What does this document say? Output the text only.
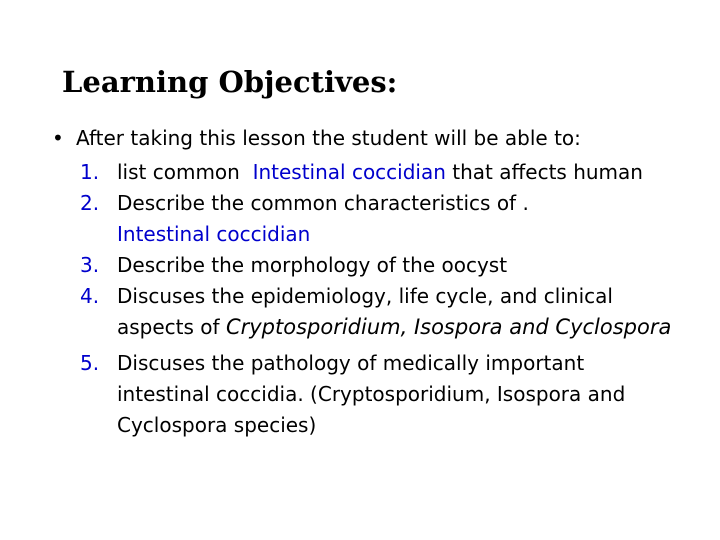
Learning Objectives:
• After taking this lesson the student will be able to:
1. list common Intestinal coccidian that affects human
2. Describe the common characteristics of .
Intestinal coccidian
3. Describe the morphology of the oocyst
4. Discuses the epidemiology, life cycle, and clinical aspects of Cryptosporidium, Isospora and Cyclospora
5. Discuses the pathology of medically important intestinal coccidia. (Cryptosporidium, Isospora and Cyclospora species)
